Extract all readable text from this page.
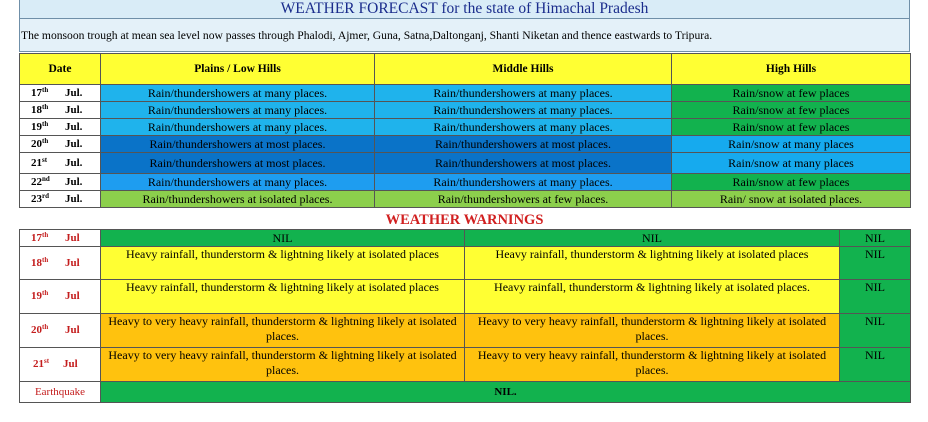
WEATHER FORECAST for the state of Himachal Pradesh
The monsoon trough at mean sea level now passes through Phalodi, Ajmer, Guna, Satna,Daltonganj, Shanti Niketan and thence eastwards to Tripura.
Date	Plains / Low Hills	Middle Hills	High Hills
17th Jul.	Rain/thundershowers at many places.	Rain/thundershowers at many places.	Rain/snow at few places
18th Jul.	Rain/thundershowers at many places.	Rain/thundershowers at many places.	Rain/snow at few places
19th Jul.	Rain/thundershowers at many places.	Rain/thundershowers at many places.	Rain/snow at few places
20th Jul.	Rain/thundershowers at most places.	Rain/thundershowers at most places.	Rain/snow at many places
21st Jul.	Rain/thundershowers at most places.	Rain/thundershowers at most places.	Rain/snow at many places
22nd Jul.	Rain/thundershowers at many places.	Rain/thundershowers at many places.	Rain/snow at few places
23rd Jul.	Rain/thundershowers at isolated places.	Rain/thundershowers at few places.	Rain/ snow at isolated places.
WEATHER WARNINGS
17th Jul	NIL	NIL	NIL
18th Jul	Heavy rainfall, thunderstorm & lightning likely at isolated places	Heavy rainfall, thunderstorm & lightning likely at isolated places	NIL
19th Jul	Heavy rainfall, thunderstorm & lightning likely at isolated places	Heavy rainfall, thunderstorm & lightning likely at isolated places.	NIL
20th Jul	Heavy to very heavy rainfall, thunderstorm & lightning likely at isolated places.	Heavy to very heavy rainfall, thunderstorm & lightning likely at isolated places.	NIL
21st Jul	Heavy to very heavy rainfall, thunderstorm & lightning likely at isolated places.	Heavy to very heavy rainfall, thunderstorm & lightning likely at isolated places.	NIL
Earthquake	NIL.		
